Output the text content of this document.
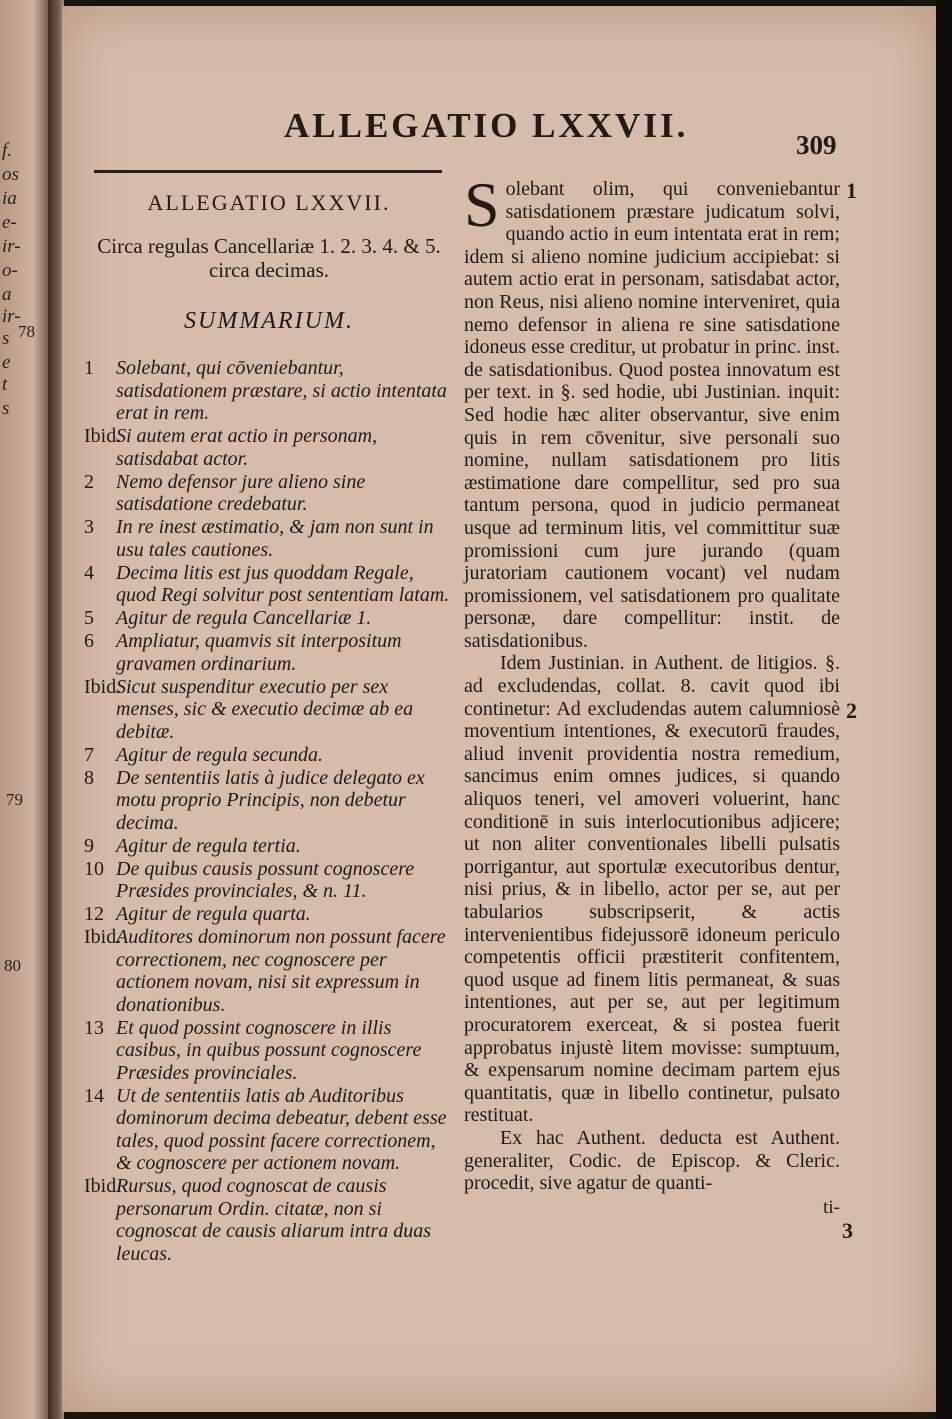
f.
os
ia
e-
ir-
o-
a
ir-
s
e
t
s
78
79
80
ALLEGATIO LXXVII.	309
ALLEGATIO LXXVII.
Circa regulas Cancellariæ 1. 2. 3. 4. & 5. circa decimas.
SUMMARIUM.
1 Solebant, qui cōveniebantur, satisdationem præstare, si actio intentata erat in rem.
Ibid.
Si autem erat actio in personam, satisdabat actor.
2 Nemo defensor jure alieno sine satisdatione credebatur.
3 In re inest æstimatio, & jam non sunt in usu tales cautiones.
4 Decima litis est jus quoddam Regale, quod Regi solvitur post sententiam latam.
5 Agitur de regula Cancellariæ 1.
6 Ampliatur, quamvis sit interpositum gravamen ordinarium.
Ibid.
Sicut suspenditur executio per sex menses, sic & executio decimæ ab ea debitæ.
7 Agitur de regula secunda.
8 De sententiis latis à judice delegato ex motu proprio Principis, non debetur decima.
9 Agitur de regula tertia.
10 De quibus causis possunt cognoscere Præsides provinciales, & n. 11.
12 Agitur de regula quarta.
Ibid.
Auditores dominorum non possunt facere correctionem, nec cognoscere per actionem novam, nisi sit expressum in donationibus.
13 Et quod possint cognoscere in illis casibus, in quibus possunt cognoscere Præsides provinciales.
14 Ut de sententiis latis ab Auditoribus dominorum decima debeatur, debent esse tales, quod possint facere correctionem, & cognoscere per actionem novam.
Ibid.
Rursus, quod cognoscat de causis personarum Ordin. citatæ, non si cognoscat de causis aliarum intra duas leucas.
Solebant olim, qui conveniebantur satisdationem præstare judicatum solvi, quando actio in eum intentata erat in rem; idem si alieno nomine judicium accipiebat: si autem actio erat in personam, satisdabat actor, non Reus, nisi alieno nomine interveniret, quia nemo defensor in aliena re sine satisdatione idoneus esse creditur, ut probatur in princ. inst. de satisdationibus. Quod postea innovatum est per text. in §. sed hodie, ubi Justinian. inquit: Sed hodie hæc aliter observantur, sive enim quis in rem cōvenitur, sive personali suo nomine, nullam satisdationem pro litis æstimatione dare compellitur, sed pro sua tantum persona, quod in judicio permaneat usque ad terminum litis, vel committitur suæ promissioni cum jure jurando (quam juratoriam cautionem vocant) vel nudam promissionem, vel satisdationem pro qualitate personæ, dare compellitur: instit. de satisdationibus.
Idem Justinian. in Authent. de litigios. §. ad excludendas, collat. 8. cavit quod ibi continetur: Ad excludendas autem calumniosè moventium intentiones, & executorū fraudes, aliud invenit providentia nostra remedium, sancimus enim omnes judices, si quando aliquos teneri, vel amoveri voluerint, hanc conditionē in suis interlocutionibus adjicere; ut non aliter conventionales libelli pulsatis porrigantur, aut sportulæ executoribus dentur, nisi prius, & in libello, actor per se, aut per tabularios subscripserit, & actis intervenientibus fidejussorē idoneum periculo competentis officii præstiterit confitentem, quod usque ad finem litis permaneat, & suas intentiones, aut per se, aut per legitimum procuratorem exerceat, & si postea fuerit approbatus injustè litem movisse: sumptuum, & expensarum nomine decimam partem ejus quantitatis, quæ in libello continetur, pulsato restituat.
Ex hac Authent. deducta est Authent. generaliter, Codic. de Episcop. & Cleric. procedit, sive agatur de quanti-
ti-
1
2
3
